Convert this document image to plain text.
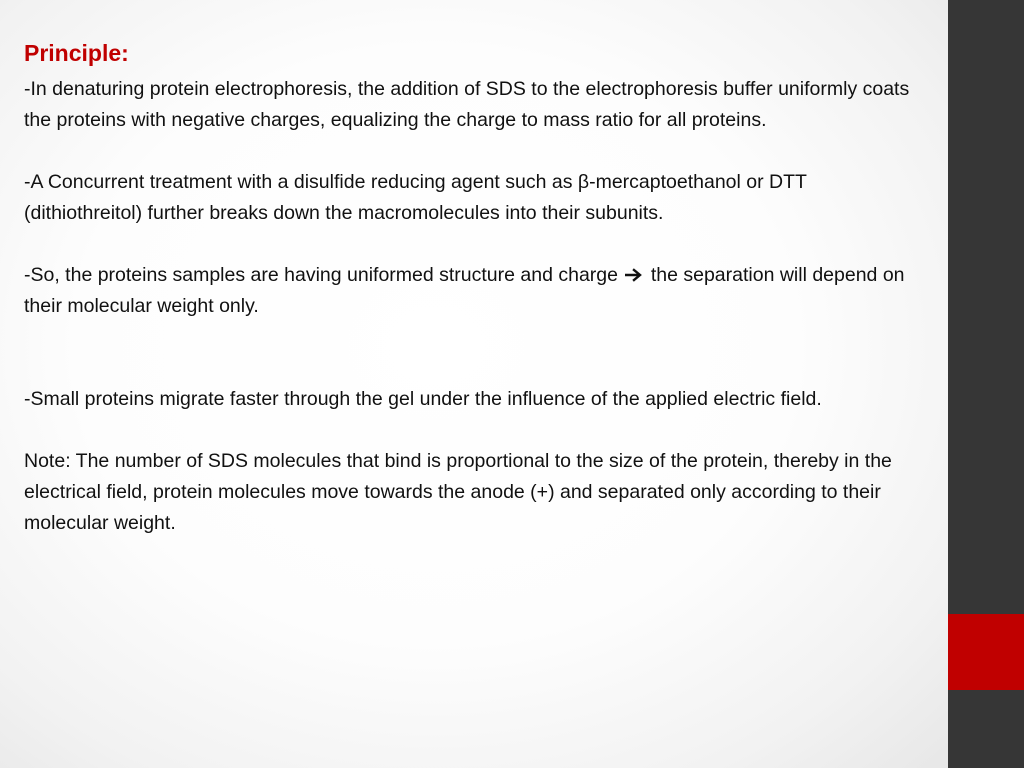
Principle:

-In denaturing protein electrophoresis, the addition of SDS to the electrophoresis buffer uniformly coats the proteins with negative charges, equalizing the charge to mass ratio for all proteins.

-A Concurrent treatment with a disulfide reducing agent such as β-mercaptoethanol or DTT (dithiothreitol) further breaks down the macromolecules into their subunits.

-So, the proteins samples are having uniformed structure and charge  the separation will depend on their molecular weight only.

-Small proteins migrate faster through the gel under the influence of the applied electric field.

Note: The number of SDS molecules that bind is proportional to the size of the protein, thereby in the electrical field, protein molecules move towards the anode (+) and separated only according to their molecular weight.
